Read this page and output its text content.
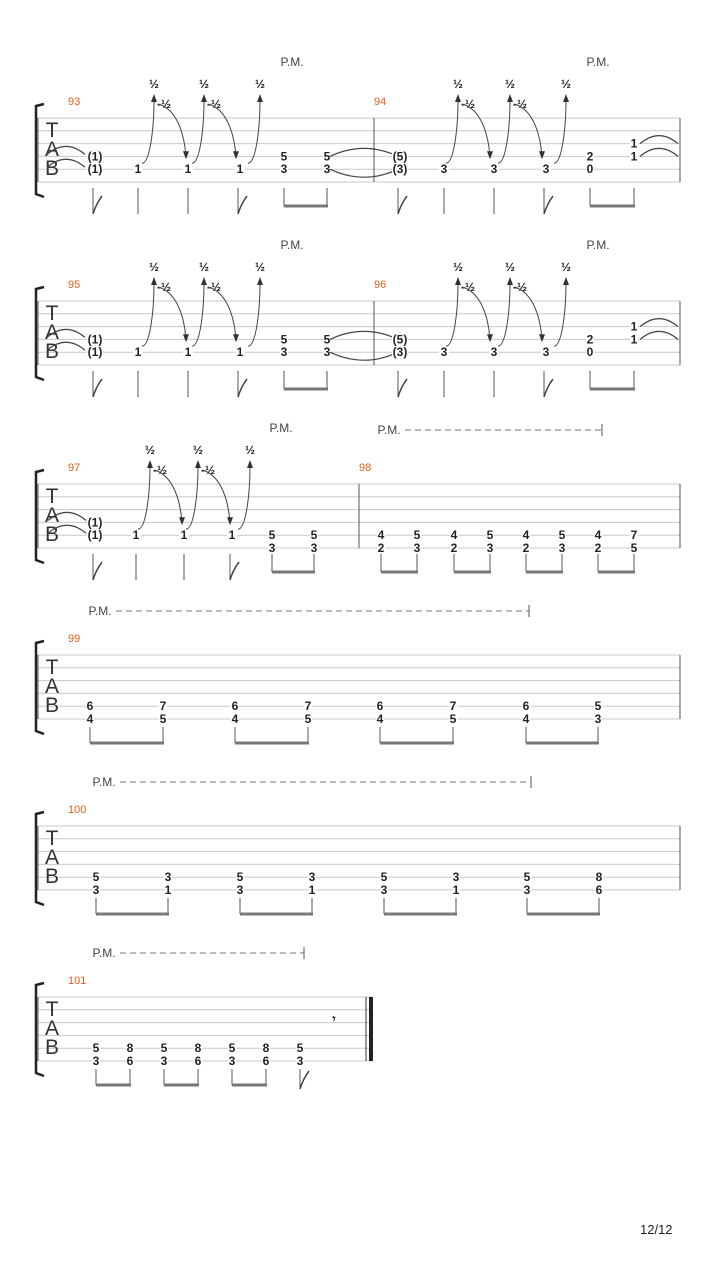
T
A
B
T
A
B
T
A
B
T
A
B
T
A
B
T
A
B
93
P.M.
(1)
(1)	1	1	1
½
-½
½
-½
½
5
3
5
3
94
P.M.
(5)
(3)	3	3	3
½
-½
½
-½
½
2
0
1
1
95
P.M.
(1)
(1)	1	1	1
½
-½
½
-½
½
5
3
5
3
96
P.M.
(5)
(3)	3	3	3
½
-½
½
-½
½
2
0
1
1
97
P.M.
(1)
(1)	1	1	1
½
-½
½
-½
½
5
3
5
3
98
P.M.
4
2
5
3
4
2
5
3
4
2
5
3
4
2
7
5
99
P.M.
6
4
7
5
6
4
7
5
6
4
7
5
6
4
5
3
100
P.M.
5
3
3
1
5
3
3
1
5
3
3
1
5
3
8
6
101
P.M.
5
3
8
6
5
3
8
6
5
3
8
6
5
3
𝄾
12/12
